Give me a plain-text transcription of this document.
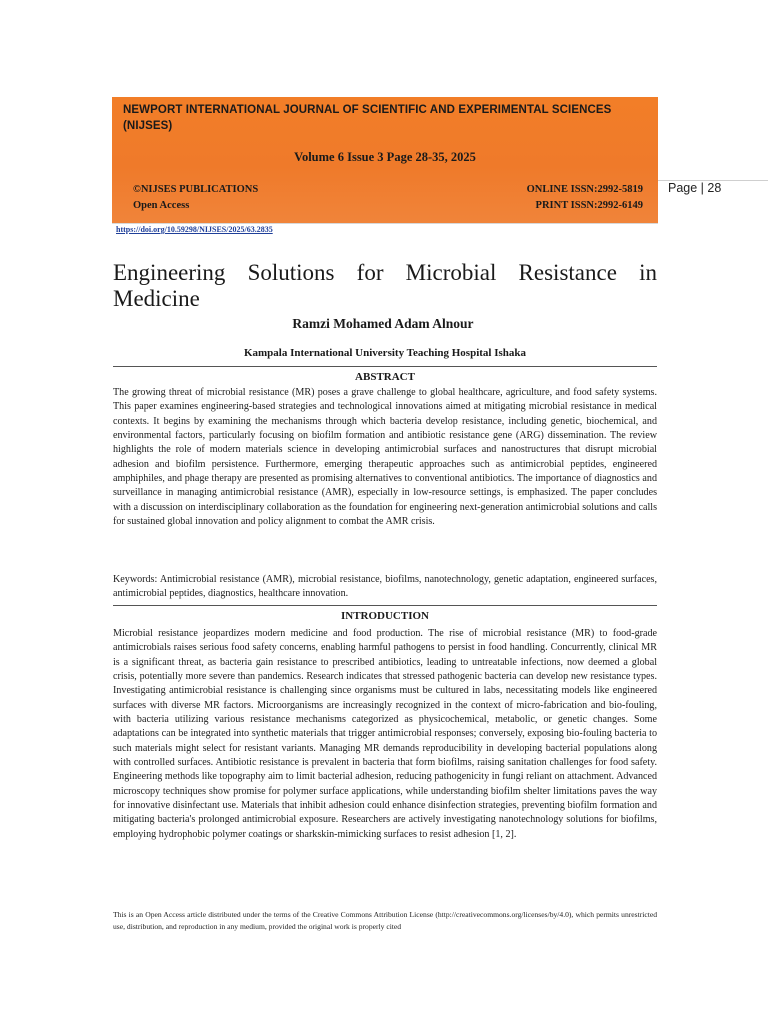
NEWPORT INTERNATIONAL JOURNAL OF SCIENTIFIC AND EXPERIMENTAL SCIENCES (NIJSES)
Volume 6 Issue 3 Page 28-35, 2025
©NIJSES PUBLICATIONS
Open Access
ONLINE ISSN:2992-5819
PRINT ISSN:2992-6149
Page | 28
https://doi.org/10.59298/NIJSES/2025/63.2835
Engineering Solutions for Microbial Resistance in Medicine
Ramzi Mohamed Adam Alnour
Kampala International University Teaching Hospital Ishaka
ABSTRACT
The growing threat of microbial resistance (MR) poses a grave challenge to global healthcare, agriculture, and food safety systems. This paper examines engineering-based strategies and technological innovations aimed at mitigating microbial resistance in medical contexts. It begins by examining the mechanisms through which bacteria develop resistance, including genetic, biochemical, and environmental factors, particularly focusing on biofilm formation and antibiotic resistance gene (ARG) dissemination. The review highlights the role of modern materials science in developing antimicrobial surfaces and nanostructures that disrupt microbial adhesion and biofilm persistence. Furthermore, emerging therapeutic approaches such as antimicrobial peptides, engineered amphiphiles, and phage therapy are presented as promising alternatives to conventional antibiotics. The importance of diagnostics and surveillance in managing antimicrobial resistance (AMR), especially in low-resource settings, is emphasized. The paper concludes with a discussion on interdisciplinary collaboration as the foundation for engineering next-generation antimicrobial solutions and calls for sustained global innovation and policy alignment to combat the AMR crisis.
Keywords: Antimicrobial resistance (AMR), microbial resistance, biofilms, nanotechnology, genetic adaptation, engineered surfaces, antimicrobial peptides, diagnostics, healthcare innovation.
INTRODUCTION
Microbial resistance jeopardizes modern medicine and food production. The rise of microbial resistance (MR) to food-grade antimicrobials raises serious food safety concerns, enabling harmful pathogens to persist in food handling. Concurrently, clinical MR is a significant threat, as bacteria gain resistance to prescribed antibiotics, leading to untreatable infections, now deemed a global crisis, potentially more severe than pandemics. Research indicates that stressed pathogenic bacteria can develop new resistance types. Investigating antimicrobial resistance is challenging since organisms must be cultured in labs, necessitating models like engineered surfaces with diverse MR factors. Microorganisms are increasingly recognized in the context of micro-fabrication and bio-fouling, with bacteria utilizing various resistance mechanisms categorized as physicochemical, metabolic, or genetic changes. Some adaptations can be integrated into synthetic materials that trigger antimicrobial responses; conversely, exposing bio-fouling bacteria to such materials might select for resistant variants. Managing MR demands reproducibility in developing bacterial populations along with controlled surfaces. Antibiotic resistance is prevalent in bacteria that form biofilms, raising sanitation challenges for food safety. Engineering methods like topography aim to limit bacterial adhesion, reducing pathogenicity in fungi reliant on attachment. Advanced microscopy techniques show promise for polymer surface applications, while understanding biofilm shelter limitations paves the way for innovative disinfectant use. Materials that inhibit adhesion could enhance disinfection strategies, preventing biofilm formation and mitigating bacteria's prolonged antimicrobial exposure. Researchers are actively investigating nanotechnology solutions for biofilms, employing hydrophobic polymer coatings or sharkskin-mimicking surfaces to resist adhesion [1, 2].
This is an Open Access article distributed under the terms of the Creative Commons Attribution License (http://creativecommons.org/licenses/by/4.0), which permits unrestricted use, distribution, and reproduction in any medium, provided the original work is properly cited
